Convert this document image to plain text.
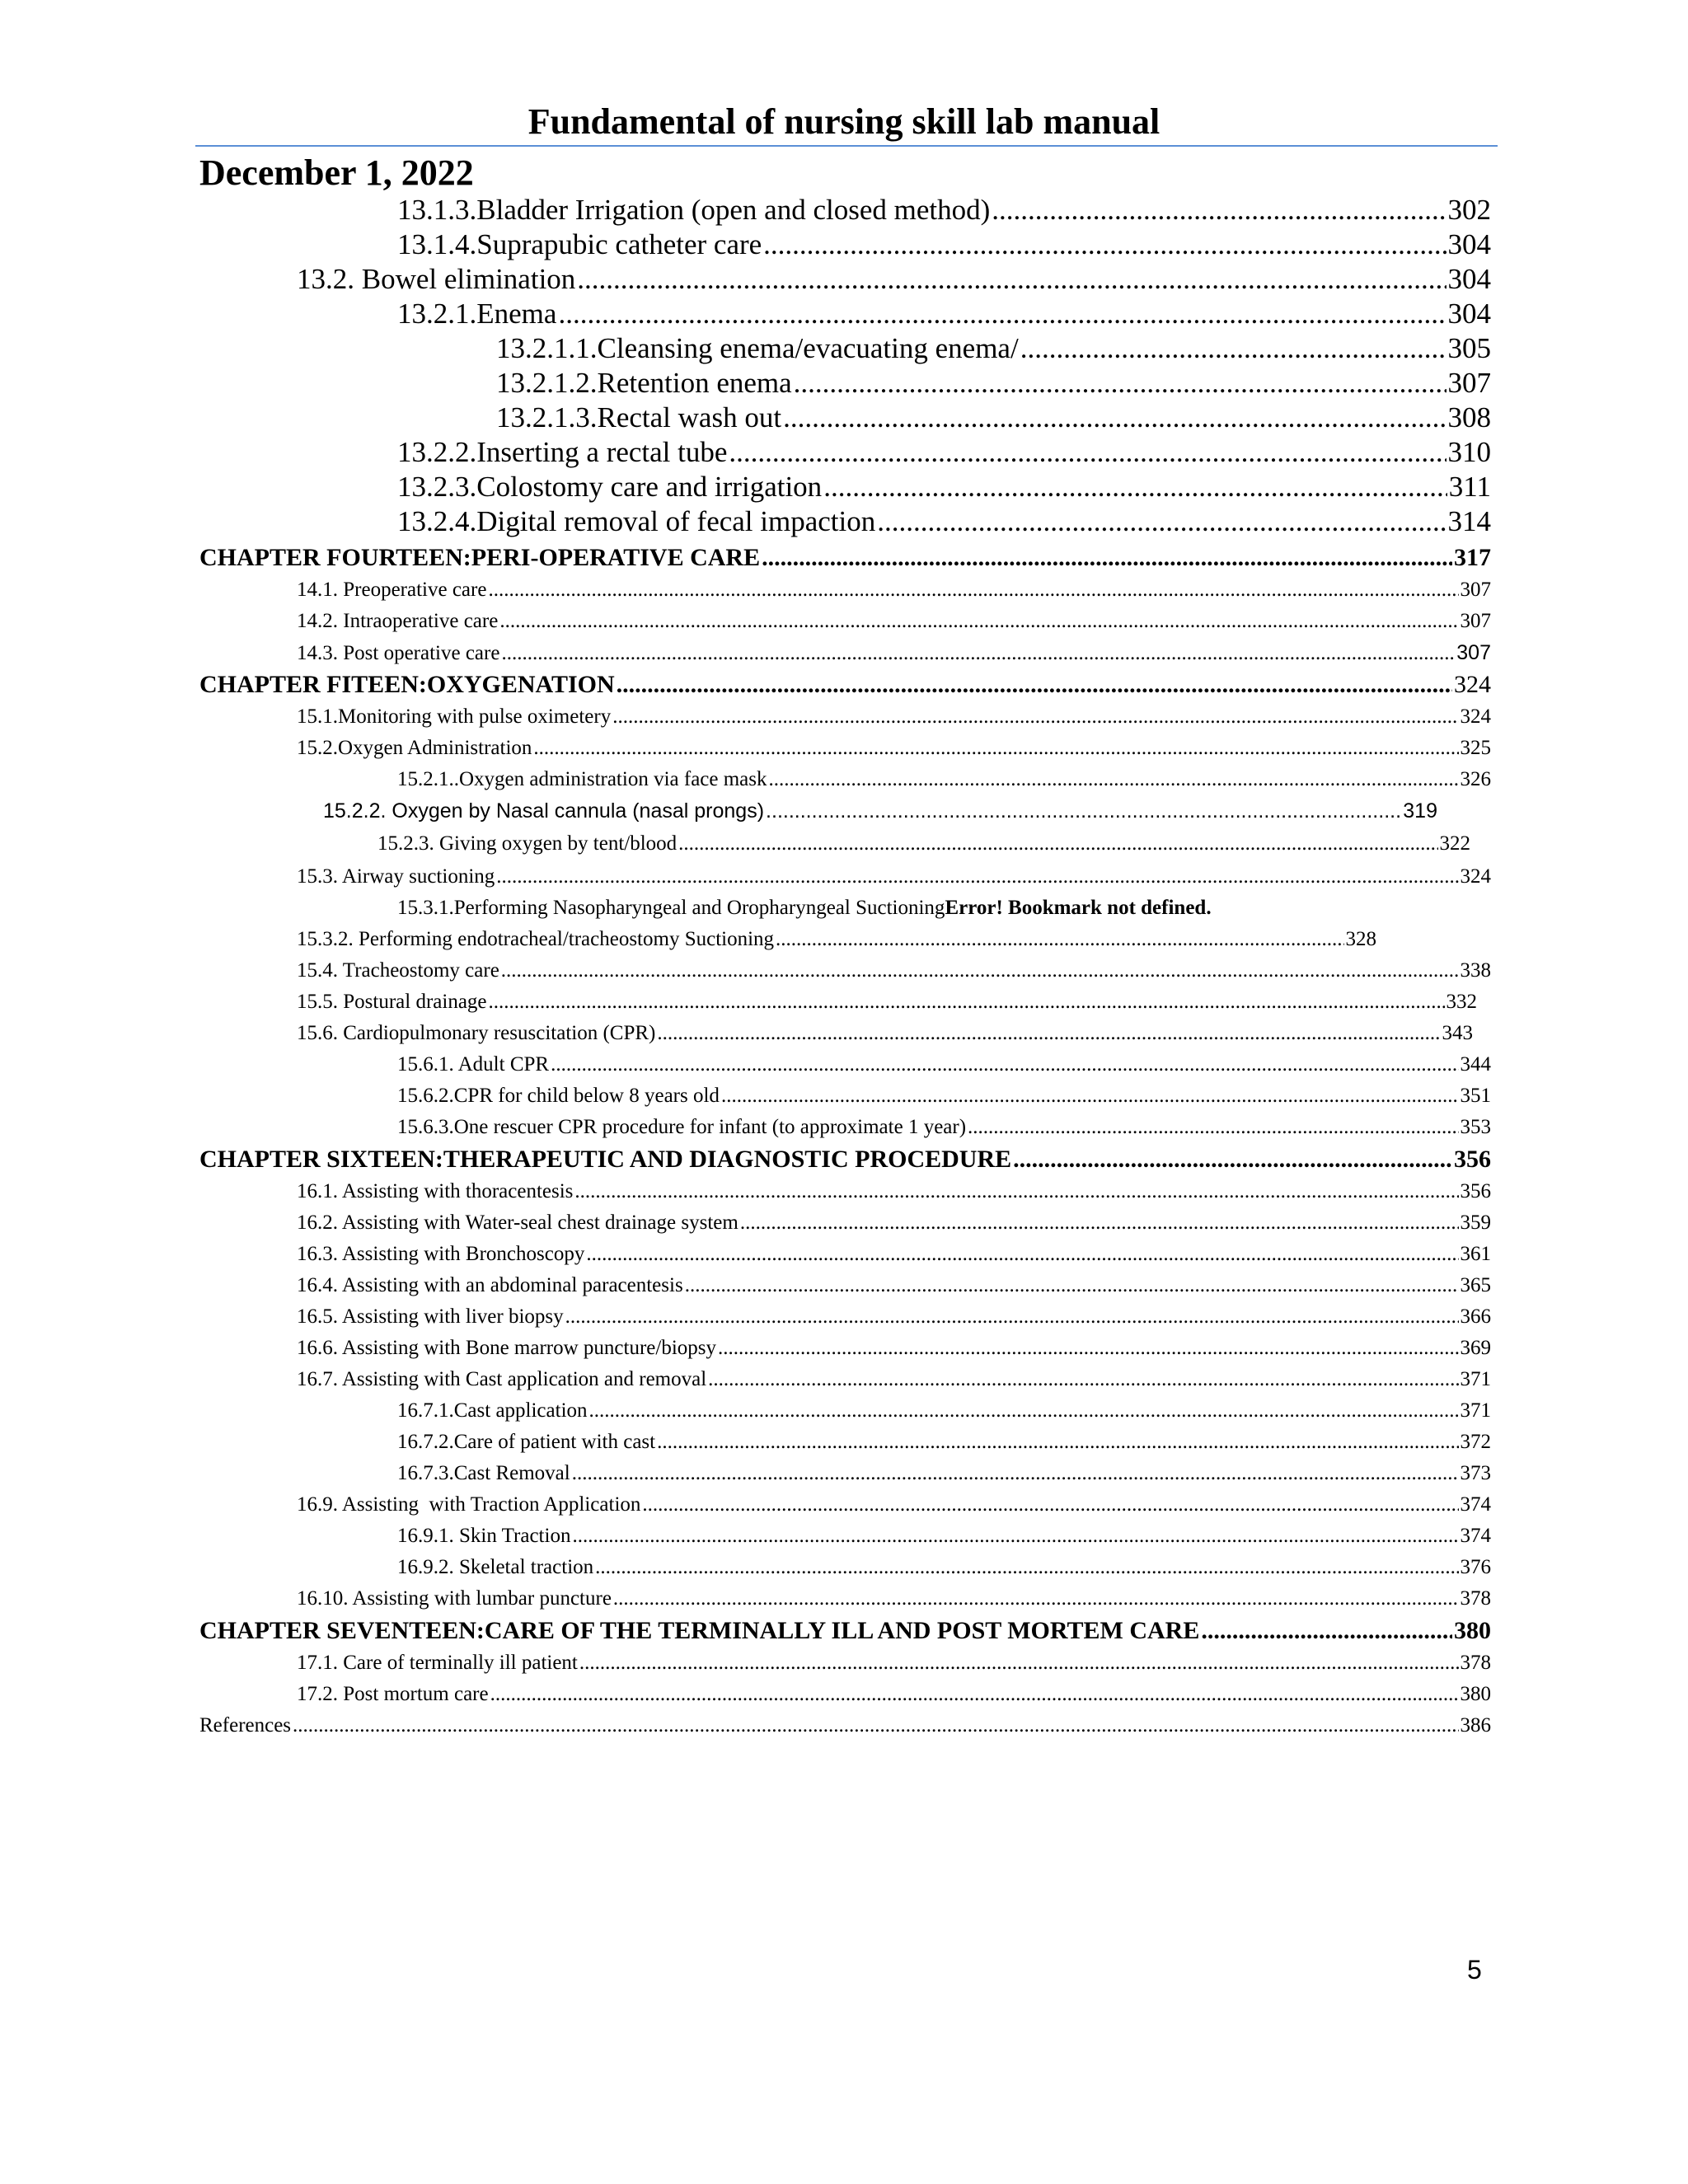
Fundamental of nursing skill lab manual
December 1, 2022
13.1.3.Bladder Irrigation (open and closed method) .....	302
13.1.4.Suprapubic catheter care .....	304
13.2. Bowel elimination .....	304
13.2.1.Enema .....	304
13.2.1.1.Cleansing enema/evacuating enema/ .....	305
13.2.1.2.Retention enema .....	307
13.2.1.3.Rectal wash out .....	308
13.2.2.Inserting a rectal tube .....	310
13.2.3.Colostomy care and irrigation .....	311
13.2.4.Digital removal of fecal impaction .....	314
CHAPTER FOURTEEN:PERI-OPERATIVE CARE .....	317
14.1. Preoperative care .....	307
14.2. Intraoperative care .....	307
14.3. Post operative care .....	307
CHAPTER FITEEN:OXYGENATION .....	324
15.1.Monitoring with pulse oximetery .....	324
15.2.Oxygen Administration .....	325
15.2.1..Oxygen administration via face mask .....	326
15.2.2. Oxygen by Nasal cannula (nasal prongs) .....	319
15.2.3. Giving oxygen by tent/blood .....	322
15.3. Airway suctioning .....	324
15.3.1.Performing Nasopharyngeal and Oropharyngeal Suctioning Error! Bookmark not defined.
15.3.2. Performing endotracheal/tracheostomy Suctioning .....	328
15.4. Tracheostomy care .....	338
15.5. Postural drainage .....	332
15.6. Cardiopulmonary resuscitation (CPR) .....	343
15.6.1. Adult CPR .....	344
15.6.2.CPR for child below 8 years old .....	351
15.6.3.One rescuer CPR procedure for infant (to approximate 1 year) .....	353
CHAPTER SIXTEEN:THERAPEUTIC AND DIAGNOSTIC PROCEDURE .....	356
16.1. Assisting with thoracentesis .....	356
16.2. Assisting with Water-seal chest drainage system .....	359
16.3. Assisting with Bronchoscopy .....	361
16.4. Assisting with an abdominal paracentesis .....	365
16.5. Assisting with liver biopsy .....	366
16.6. Assisting with Bone marrow puncture/biopsy .....	369
16.7. Assisting with Cast application and removal .....	371
16.7.1.Cast application .....	371
16.7.2.Care of patient with cast .....	372
16.7.3.Cast Removal .....	373
16.9. Assisting  with Traction Application .....	374
16.9.1. Skin Traction .....	374
16.9.2. Skeletal traction .....	376
16.10. Assisting with lumbar puncture .....	378
CHAPTER SEVENTEEN:CARE OF THE TERMINALLY ILL AND POST MORTEM CARE .....	380
17.1. Care of terminally ill patient .....	378
17.2. Post mortum care .....	380
References .....	386
5
